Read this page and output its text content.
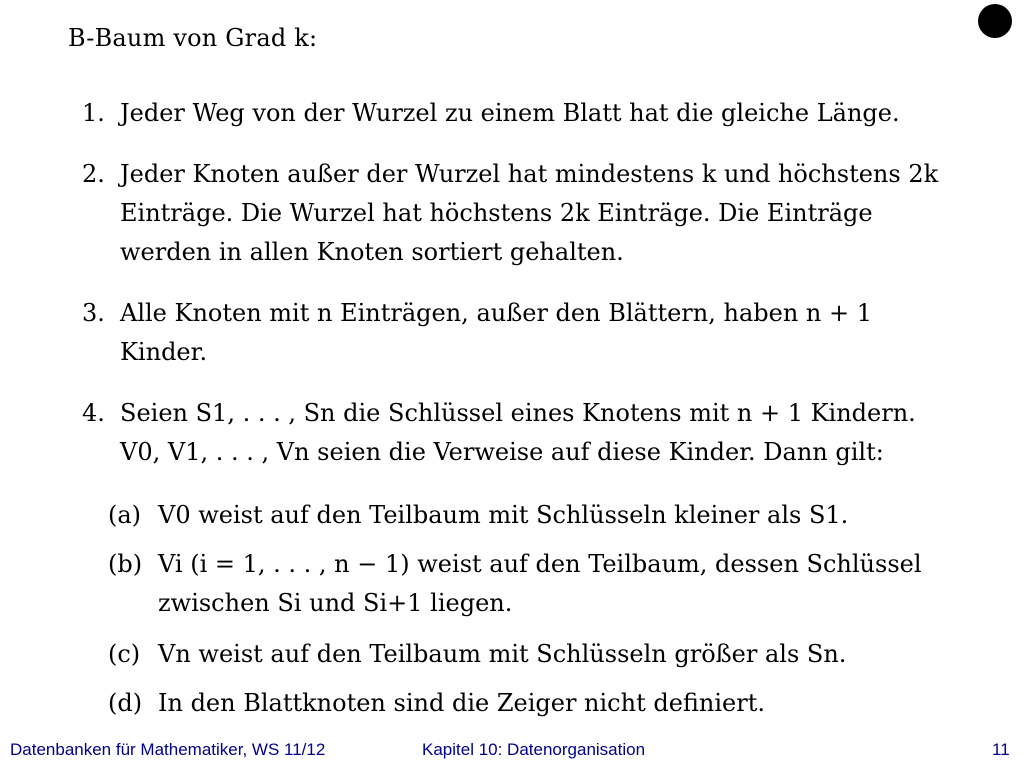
B-Baum von Grad k:
1. Jeder Weg von der Wurzel zu einem Blatt hat die gleiche Länge.
2. Jeder Knoten außer der Wurzel hat mindestens k und höchstens 2k
Einträge. Die Wurzel hat höchstens 2k Einträge. Die Einträge
werden in allen Knoten sortiert gehalten.
3. Alle Knoten mit n Einträgen, außer den Blättern, haben n + 1
Kinder.
4. Seien S1, . . . , Sn die Schlüssel eines Knotens mit n + 1 Kindern.
V0, V1, . . . , Vn seien die Verweise auf diese Kinder. Dann gilt:
(a) V0 weist auf den Teilbaum mit Schlüsseln kleiner als S1.
(b) Vi (i = 1, . . . , n − 1) weist auf den Teilbaum, dessen Schlüssel
zwischen Si und Si+1 liegen.
(c) Vn weist auf den Teilbaum mit Schlüsseln größer als Sn.
(d) In den Blattknoten sind die Zeiger nicht definiert.
Datenbanken für Mathematiker, WS 11/12	Kapitel 10: Datenorganisation	11
